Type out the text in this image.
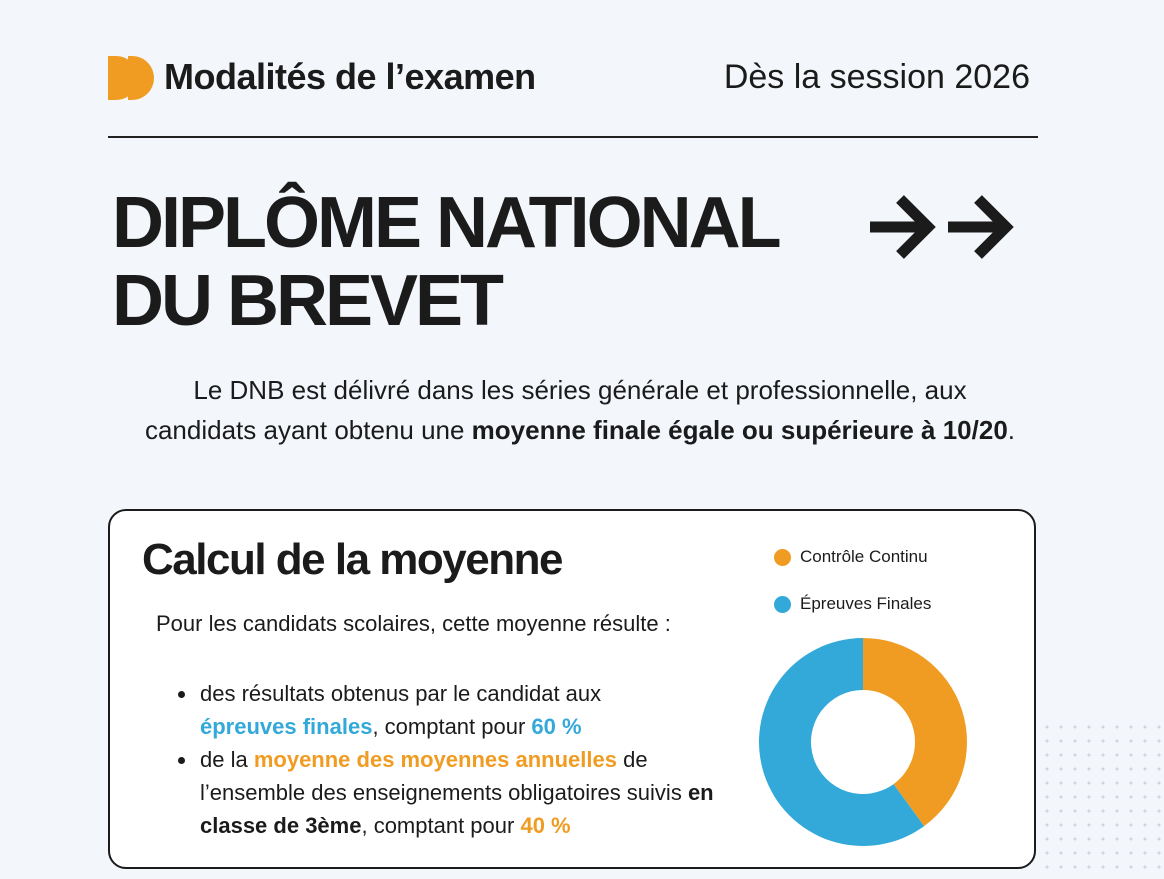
Modalités de l’examen	Dès la session 2026
DIPLÔME NATIONAL
DU BREVET

Le DNB est délivré dans les séries générale et professionnelle, aux

candidats ayant obtenu une moyenne finale égale ou supérieure à 10/20.

Calcul de la moyenne
Pour les candidats scolaires, cette moyenne résulte :
• des résultats obtenus par le candidat aux
épreuves finales, comptant pour 60 %
• de la moyenne des moyennes annuelles de l’ensemble des enseignements obligatoires suivis en classe de 3ème, comptant pour 40 %
Contrôle Continu
Épreuves Finales
